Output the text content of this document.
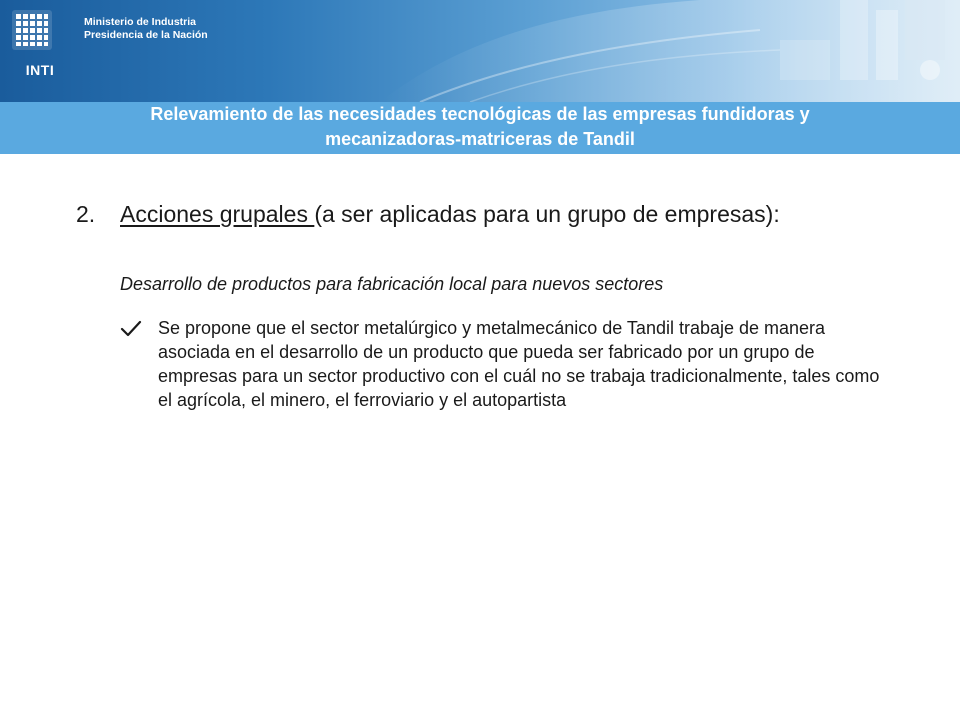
INTI
Ministerio de Industria
Presidencia de la Nación
Relevamiento de las necesidades tecnológicas de las empresas fundidoras y
mecanizadoras-matriceras de Tandil
2. Acciones grupales (a ser aplicadas para un grupo de empresas):
Desarrollo de productos para fabricación local para nuevos sectores
Se propone que el sector metalúrgico y metalmecánico de Tandil trabaje de manera asociada en el desarrollo de un producto que pueda ser fabricado por un grupo de empresas para un sector productivo con el cuál no se trabaja tradicionalmente, tales como el agrícola, el minero, el ferroviario y el autopartista
